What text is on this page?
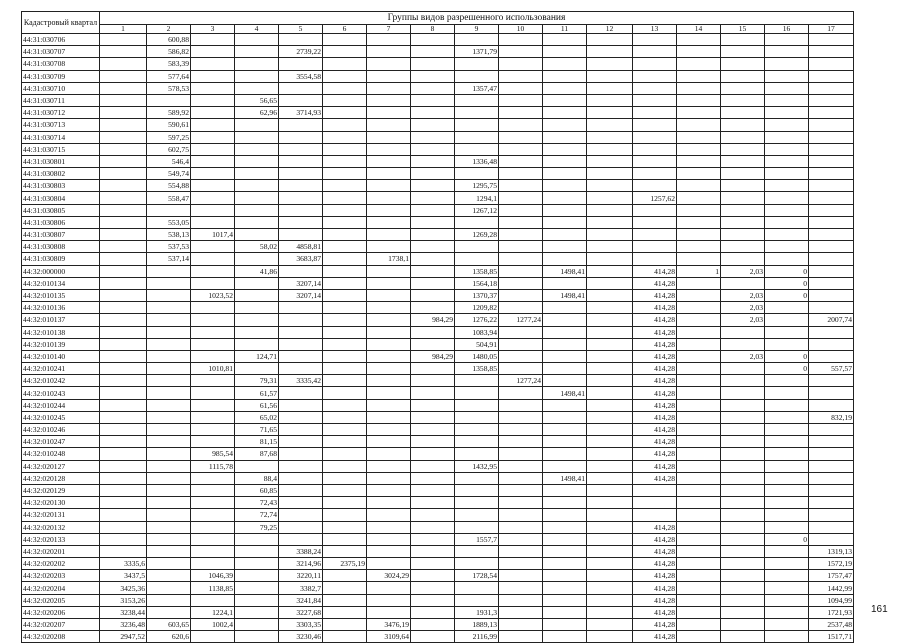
Кадастровый квартал	Группы видов разрешенного использования																
	1	2	3	4	5	6	7	8	9	10	11	12	13	14	15	16	17
44:31:030706		600,88															
44:31:030707		586,82			2739,22				1371,79								
44:31:030708		583,39															
44:31:030709		577,64			3554,58												
44:31:030710		578,53							1357,47								
44:31:030711				56,65													
44:31:030712		589,92		62,96	3714,93												
44:31:030713		590,61															
44:31:030714		597,25															
44:31:030715		602,75															
44:31:030801		546,4							1336,48								
44:31:030802		549,74															
44:31:030803		554,88							1295,75								
44:31:030804		558,47							1294,1				1257,62				
44:31:030805									1267,12								
44:31:030806		553,05															
44:31:030807		538,13	1017,4						1269,28								
44:31:030808		537,53		58,02	4858,81												
44:31:030809		537,14			3683,87		1738,1										
44:32:000000				41,86					1358,85		1498,41		414,28	1	2,03	0	
44:32:010134					3207,14				1564,18				414,28			0	
44:32:010135			1023,52		3207,14				1370,37		1498,41		414,28		2,03	0	
44:32:010136									1209,82				414,28		2,03		
44:32:010137								984,29	1276,22	1277,24			414,28		2,03		2007,74
44:32:010138									1083,94				414,28				
44:32:010139									504,91				414,28				
44:32:010140				124,71				984,29	1480,05				414,28		2,03	0	
44:32:010241			1010,81						1358,85				414,28			0	557,57
44:32:010242				79,31	3335,42					1277,24			414,28				
44:32:010243				61,57							1498,41		414,28				
44:32:010244				61,56									414,28				
44:32:010245				65,02									414,28				832,19
44:32:010246				71,65									414,28				
44:32:010247				81,15									414,28				
44:32:010248			985,54	87,68									414,28				
44:32:020127			1115,78						1432,95				414,28				
44:32:020128				88,4							1498,41		414,28				
44:32:020129				60,85													
44:32:020130				72,43													
44:32:020131				72,74													
44:32:020132				79,25									414,28				
44:32:020133									1557,7				414,28			0	
44:32:020201					3388,24								414,28				1319,13
44:32:020202	3335,6				3214,96	2375,19							414,28				1572,19
44:32:020203	3437,5		1046,39		3220,11		3024,29		1728,54				414,28				1757,47
44:32:020204	3425,36		1138,85		3382,7								414,28				1442,99
44:32:020205	3153,26				3241,84								414,28				1094,99
44:32:020206	3238,44		1224,1		3227,68				1931,3				414,28				1721,93
44:32:020207	3236,48	603,65	1002,4		3303,35		3476,19		1889,13				414,28				2537,48
44:32:020208	2947,52	620,6			3230,46		3109,64		2116,99				414,28				1517,71
161
